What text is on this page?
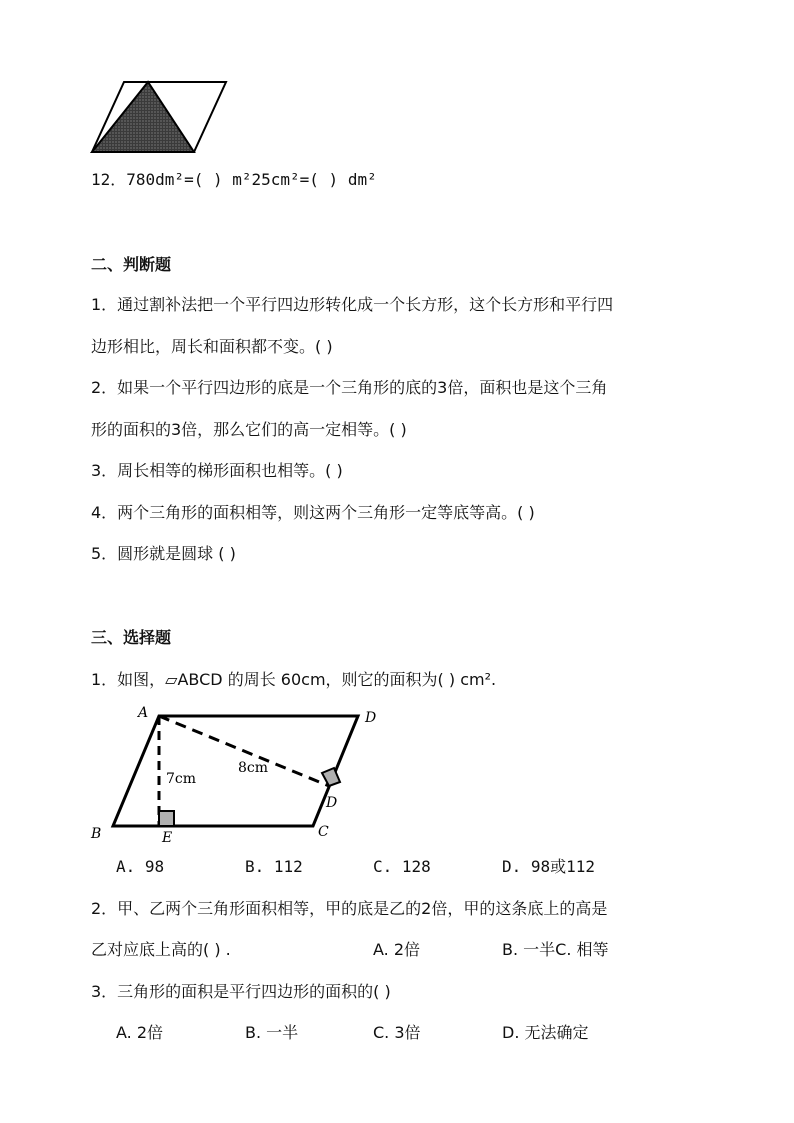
12．780dm²=( ) m²25cm²=( ) dm²
二、判断题
1．通过割补法把一个平行四边形转化成一个长方形，这个长方形和平行四
边形相比，周长和面积都不变。( )
2．如果一个平行四边形的底是一个三角形的底的3倍，面积也是这个三角
形的面积的3倍，那么它们的高一定相等。( )
3．周长相等的梯形面积也相等。( )
4．两个三角形的面积相等，则这两个三角形一定等底等高。( )
5．圆形就是圆球 ( )
三、选择题
1．如图，▱ABCD 的周长 60cm，则它的面积为( ) cm².
A	D
B	C
E
D
7cm
8cm
A. 98	B. 112	C. 128	D. 98或112
2．甲、乙两个三角形面积相等，甲的底是乙的2倍，甲的这条底上的高是
乙对应底上高的( ) .	A. 2倍	B. 一半C. 相等
3．三角形的面积是平行四边形的面积的( )
A. 2倍	B. 一半	C. 3倍	D. 无法确定
